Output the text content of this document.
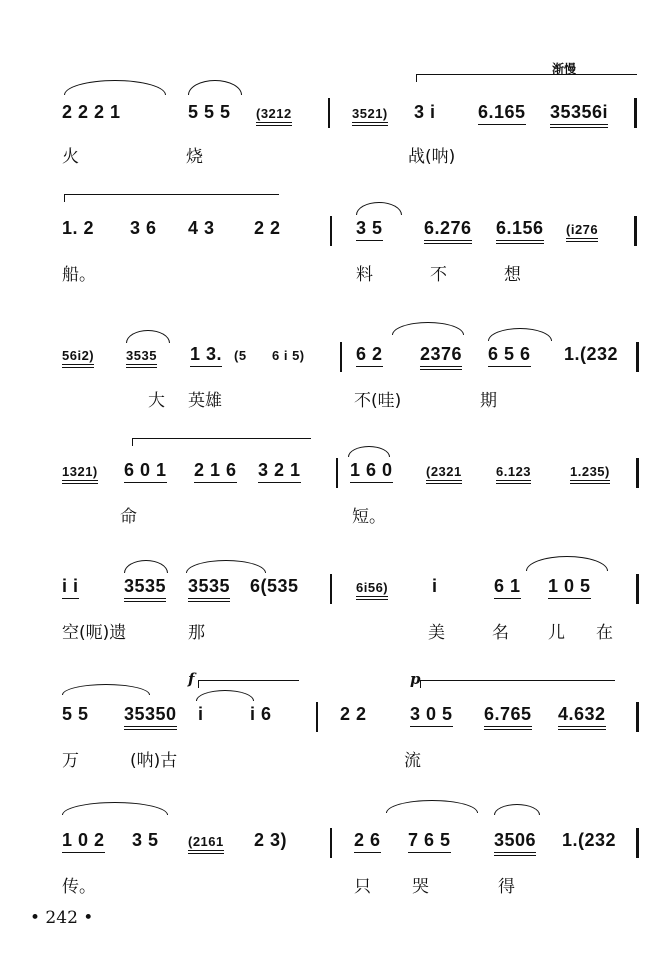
渐慢
2 2 2 1	5 5 5 (3212	3521) 3 i 6.165 35356i
火	烧	战(呐)
1. 2 3 6 4 3 2 2	3 5 6.276 6.156 (i276
船。	料	不	想
56i2) 3535 1 3. (5 6 i 5)	6 2 2376 6 5 6 1.(232
大 英雄	不(哇)	期
1321) 6 0 1 2 1 6 3 2 1	1 6 0	(2321	6.123	1.235)
命	短。
i i	3535 3535 6(535	6i56) i	6 1 1 0 5
空(呃)遗	那	美	名 儿 在
f	p
5 5 35350 i	i 6	2 2 3 0 5 6.765 4.632
万	(呐)古	流
1 0 2 3 5 (2161 2 3)	2 6 7 6 5 3506 1.(232
传。	只 哭	得
• 242 •
